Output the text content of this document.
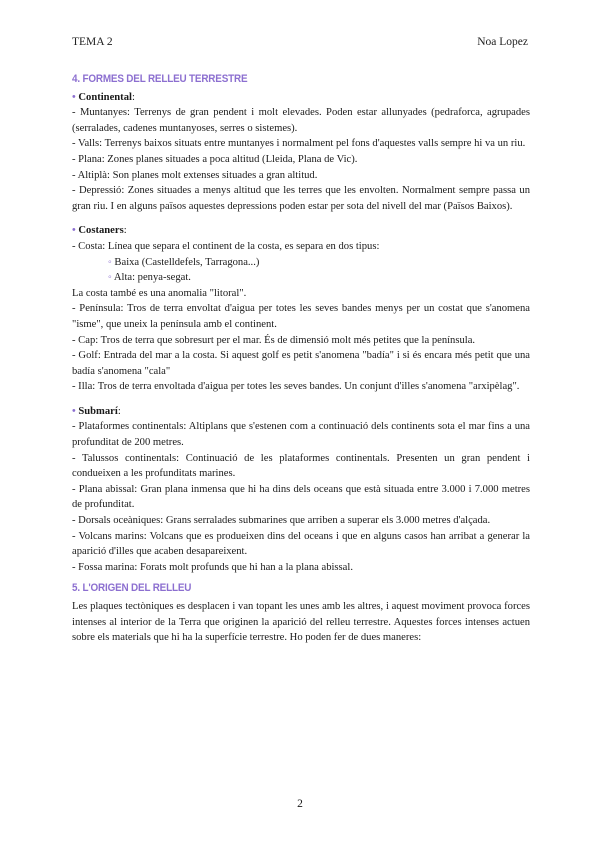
TEMA 2	Noa Lopez
4. FORMES DEL RELLEU TERRESTRE
• Continental:

- Muntanyes: Terrenys de gran pendent i molt elevades. Poden estar allunyades (pedraforca, agrupades (serralades, cadenes muntanyoses, serres o sistemes).

- Valls: Terrenys baixos situats entre muntanyes i normalment pel fons d'aquestes valls sempre hi va un riu.

- Plana: Zones planes situades a poca altitud (Lleida, Plana de Vic).

- Altiplà: Son planes molt extenses situades a gran altitud.

- Depressió: Zones situades a menys altitud que les terres que les envolten. Normalment sempre passa un gran riu. I en alguns països aquestes depressions poden estar per sota del nivell del mar (Països Baixos).

• Costaners:

- Costa: Línea que separa el continent de la costa, es separa en dos tipus:

◦ Baixa (Castelldefels, Tarragona...)

◦ Alta: penya-segat.

La costa també es una anomalia "litoral".

- Península: Tros de terra envoltat d'aigua per totes les seves bandes menys per un costat que s'anomena "isme", que uneix la península amb el continent.

- Cap: Tros de terra que sobresurt per el mar. És de dimensió molt més petites que la península.

- Golf: Entrada del mar a la costa. Si aquest golf es petit s'anomena "badía" i si és encara més petit que una badía s'anomena "cala"

- Illa: Tros de terra envoltada d'aigua per totes les seves bandes. Un conjunt d'illes s'anomena "arxipèlag".

• Submarí:

- Plataformes continentals: Altiplans que s'estenen com a continuació dels continents sota el mar fins a una profunditat de 200 metres.

- Talussos continentals: Continuació de les plataformes continentals. Presenten un gran pendent i condueixen a les profunditats marines.

- Plana abissal: Gran plana inmensa que hi ha dins dels oceans que està situada entre 3.000 i 7.000 metres de profunditat.

- Dorsals oceàniques: Grans serralades submarines que arriben a superar els 3.000 metres d'alçada.

- Volcans marins: Volcans que es produeixen dins del oceans i que en alguns casos han arribat a generar la aparició d'illes que acaben desapareixent.

- Fossa marina: Forats molt profunds que hi han a la plana abissal.

5. L'ORIGEN DEL RELLEU

Les plaques tectòniques es desplacen i van topant les unes amb les altres, i aquest moviment provoca forces intenses al interior de la Terra que originen la aparició del relleu terrestre. Aquestes forces intenses actuen sobre els materials que hi ha la superfície terrestre. Ho poden fer de dues maneres:

2
